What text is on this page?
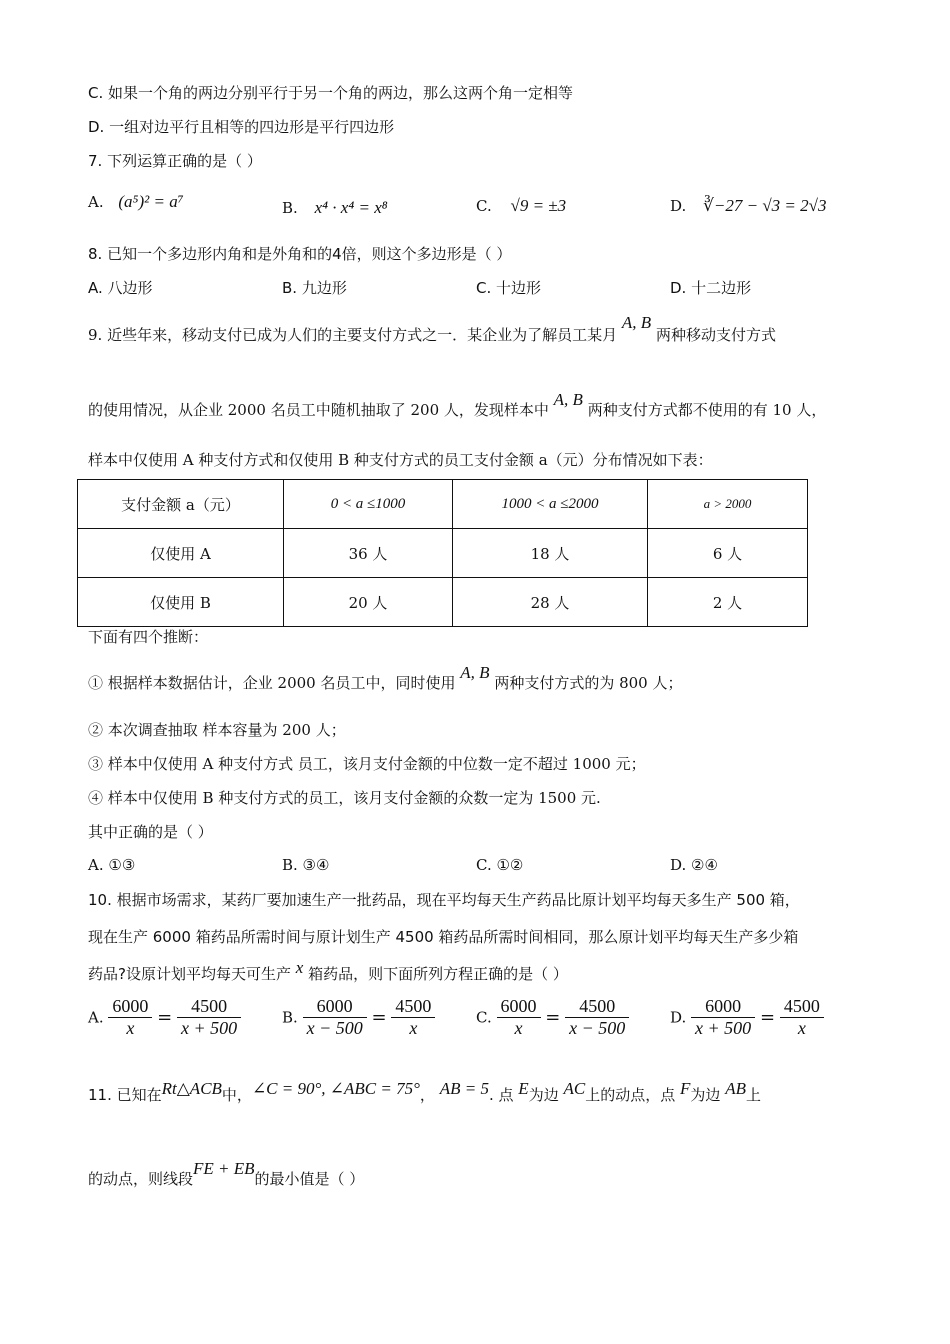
C. 如果一个角的两边分别平行于另一个角的两边，那么这两个角一定相等
D. 一组对边平行且相等的四边形是平行四边形
7. 下列运算正确的是（ ）
A. (a⁵)² = a⁷	B. x⁴ · x⁴ = x⁸	C. √9 = ±3	D. ∛−27 − √3 = 2√3
8. 已知一个多边形内角和是外角和的4倍，则这个多边形是（ ）
A. 八边形	B. 九边形	C. 十边形	D. 十二边形
9. 近些年来，移动支付已成为人们的主要支付方式之一．某企业为了解员工某月 A, B 两种移动支付方式
的使用情况，从企业 2000 名员工中随机抽取了 200 人，发现样本中 A, B 两种支付方式都不使用的有 10 人，
样本中仅使用 A 种支付方式和仅使用 B 种支付方式的员工支付金额 a（元）分布情况如下表：
支付金额 a（元）	0 < a ≤1000	1000 < a ≤2000	a > 2000
仅使用 A	36 人	18 人	6 人
仅使用 B	20 人	28 人	2 人
下面有四个推断：
① 根据样本数据估计，企业 2000 名员工中，同时使用 A, B 两种支付方式的为 800 人；
② 本次调查抽取 样本容量为 200 人；
③ 样本中仅使用 A 种支付方式 员工，该月支付金额的中位数一定不超过 1000 元；
④ 样本中仅使用 B 种支付方式的员工，该月支付金额的众数一定为 1500 元.
其中正确的是（ ）
A. ①③	B. ③④	C. ①②	D. ②④
10. 根据市场需求，某药厂要加速生产一批药品，现在平均每天生产药品比原计划平均每天多生产 500 箱，
现在生产 6000 箱药品所需时间与原计划生产 4500 箱药品所需时间相同，那么原计划平均每天生产多少箱
药品?设原计划平均每天可生产 x 箱药品，则下面所列方程正确的是（ ）
A. $\frac{6000}{x} = \frac{4500}{x + 500}$	B. $\frac{6000}{x - 500} = \frac{4500}{x}$	C. $\frac{6000}{x} = \frac{4500}{x - 500}$	D. $\frac{6000}{x + 500} = \frac{4500}{x}$
11. 已知在Rt△ACB中，∠C = 90°, ∠ABC = 75°， AB = 5. 点 E为边 AC上的动点，点 F为边 AB上
的动点，则线段FE + EB的最小值是（ ）
